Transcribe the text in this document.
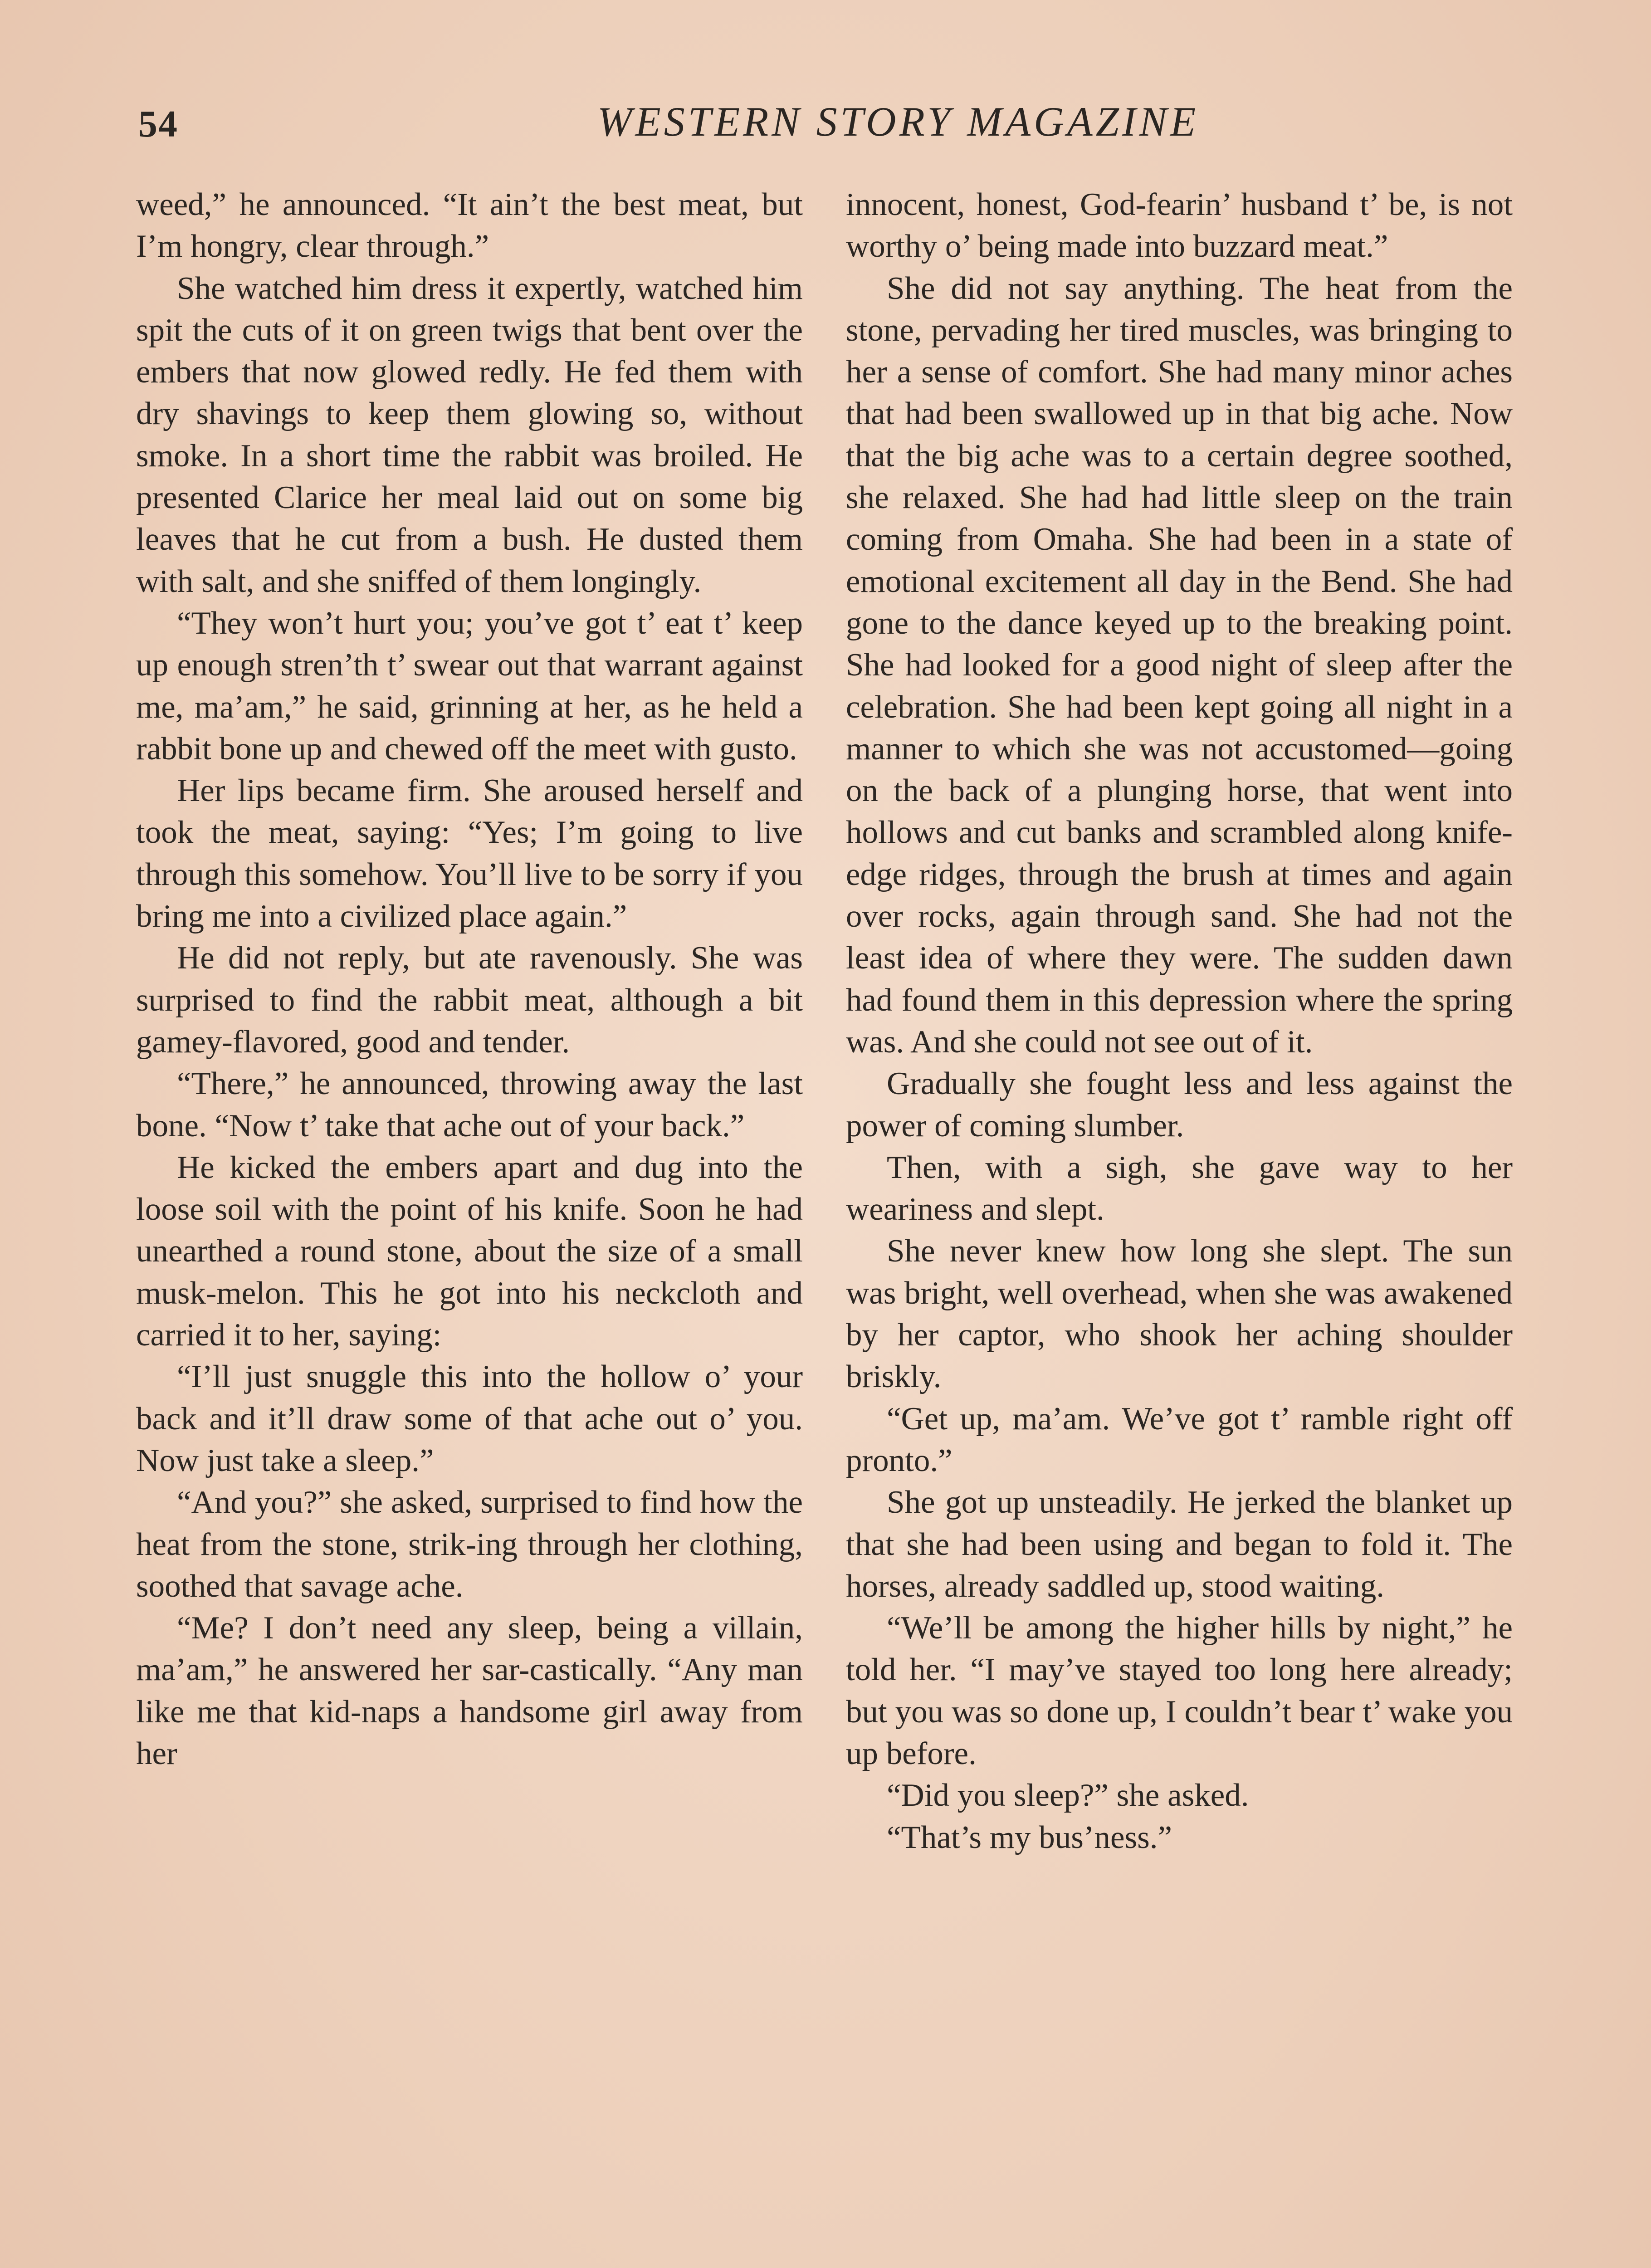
54	WESTERN STORY MAGAZINE

weed,” he announced. “It ain’t the best meat, but I’m hongry, clear through.”

She watched him dress it expertly, watched him spit the cuts of it on green twigs that bent over the embers that now glowed redly. He fed them with dry shavings to keep them glowing so, without smoke. In a short time the rabbit was broiled. He presented Clarice her meal laid out on some big leaves that he cut from a bush. He dusted them with salt, and she sniffed of them longingly.

“They won’t hurt you; you’ve got t’ eat t’ keep up enough stren’th t’ swear out that warrant against me, ma’am,” he said, grinning at her, as he held a rabbit bone up and chewed off the meet with gusto.

Her lips became firm. She aroused herself and took the meat, saying: “Yes; I’m going to live through this somehow. You’ll live to be sorry if you bring me into a civilized place again.”

He did not reply, but ate ravenously. She was surprised to find the rabbit meat, although a bit gamey-flavored, good and tender.

“There,” he announced, throwing away the last bone. “Now t’ take that ache out of your back.”

He kicked the embers apart and dug into the loose soil with the point of his knife. Soon he had unearthed a round stone, about the size of a small musk-melon. This he got into his neckcloth and carried it to her, saying:

“I’ll just snuggle this into the hollow o’ your back and it’ll draw some of that ache out o’ you. Now just take a sleep.”

“And you?” she asked, surprised to find how the heat from the stone, strik-ing through her clothing, soothed that savage ache.

“Me? I don’t need any sleep, being a villain, ma’am,” he answered her sar-castically. “Any man like me that kid-naps a handsome girl away from her

innocent, honest, God-fearin’ husband t’ be, is not worthy o’ being made into buzzard meat.”

She did not say anything. The heat from the stone, pervading her tired muscles, was bringing to her a sense of comfort. She had many minor aches that had been swallowed up in that big ache. Now that the big ache was to a certain degree soothed, she relaxed. She had had little sleep on the train coming from Omaha. She had been in a state of emotional excitement all day in the Bend. She had gone to the dance keyed up to the breaking point. She had looked for a good night of sleep after the celebration. She had been kept going all night in a manner to which she was not accustomed—going on the back of a plunging horse, that went into hollows and cut banks and scrambled along knife-edge ridges, through the brush at times and again over rocks, again through sand. She had not the least idea of where they were. The sudden dawn had found them in this depression where the spring was. And she could not see out of it.

Gradually she fought less and less against the power of coming slumber.

Then, with a sigh, she gave way to her weariness and slept.

She never knew how long she slept. The sun was bright, well overhead, when she was awakened by her captor, who shook her aching shoulder briskly.

“Get up, ma’am. We’ve got t’ ramble right off pronto.”

She got up unsteadily. He jerked the blanket up that she had been using and began to fold it. The horses, already saddled up, stood waiting.

“We’ll be among the higher hills by night,” he told her. “I may’ve stayed too long here already; but you was so done up, I couldn’t bear t’ wake you up before.

“Did you sleep?” she asked.

“That’s my bus’ness.”
